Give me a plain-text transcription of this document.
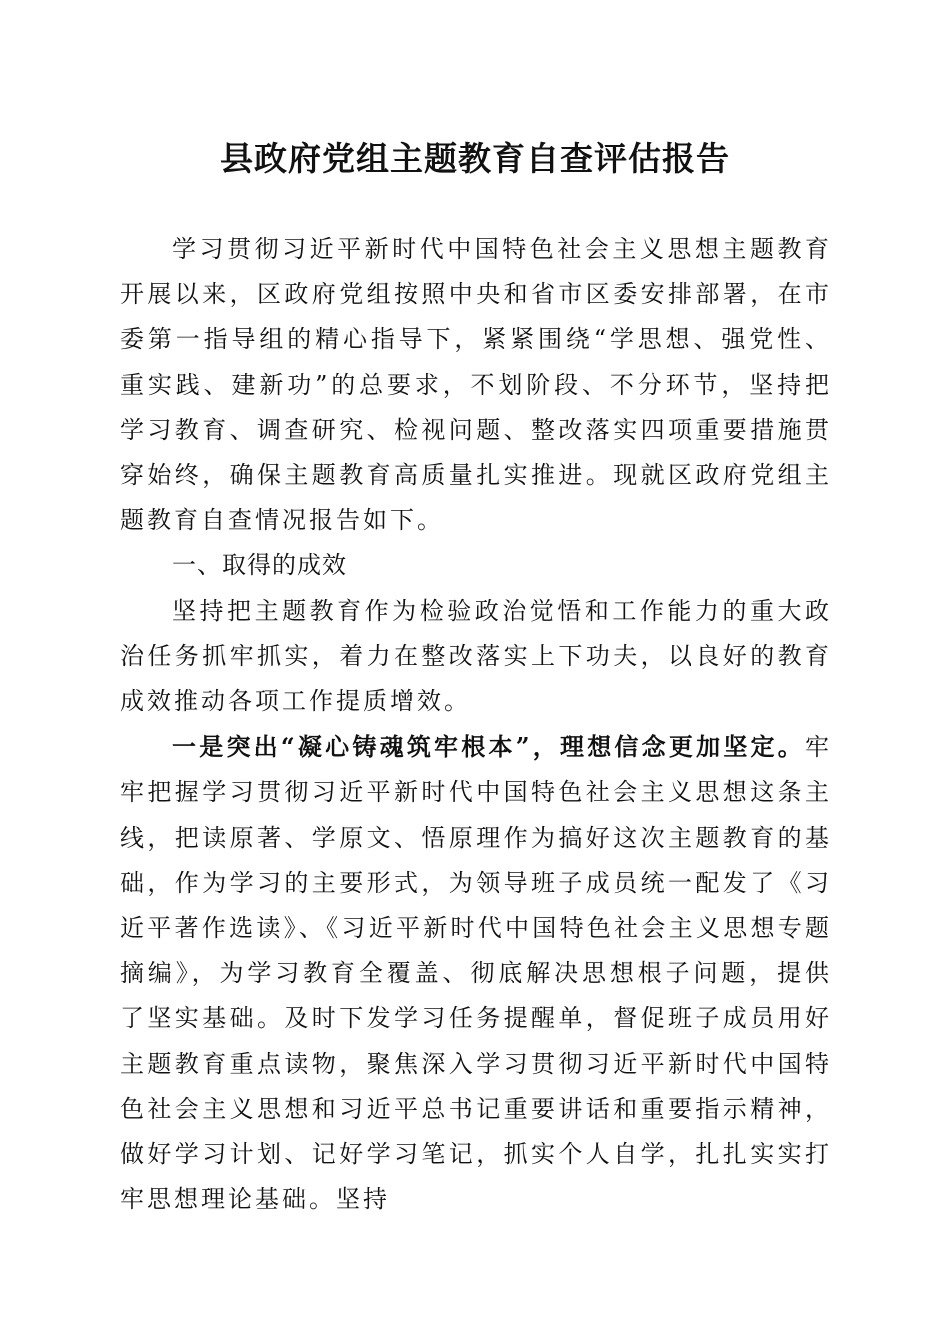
县政府党组主题教育自查评估报告

学习贯彻习近平新时代中国特色社会主义思想主题教育开展以来，区政府党组按照中央和省市区委安排部署，在市委第一指导组的精心指导下，紧紧围绕“学思想、强党性、重实践、建新功”的总要求，不划阶段、不分环节，坚持把学习教育、调查研究、检视问题、整改落实四项重要措施贯穿始终，确保主题教育高质量扎实推进。现就区政府党组主题教育自查情况报告如下。

一、取得的成效

坚持把主题教育作为检验政治觉悟和工作能力的重大政治任务抓牢抓实，着力在整改落实上下功夫，以良好的教育成效推动各项工作提质增效。

一是突出“凝心铸魂筑牢根本”，理想信念更加坚定。牢牢把握学习贯彻习近平新时代中国特色社会主义思想这条主线，把读原著、学原文、悟原理作为搞好这次主题教育的基础，作为学习的主要形式，为领导班子成员统一配发了《习近平著作选读》、《习近平新时代中国特色社会主义思想专题摘编》，为学习教育全覆盖、彻底解决思想根子问题，提供了坚实基础。及时下发学习任务提醒单，督促班子成员用好主题教育重点读物，聚焦深入学习贯彻习近平新时代中国特色社会主义思想和习近平总书记重要讲话和重要指示精神，做好学习计划、记好学习笔记，抓实个人自学，扎扎实实打牢思想理论基础。坚持
